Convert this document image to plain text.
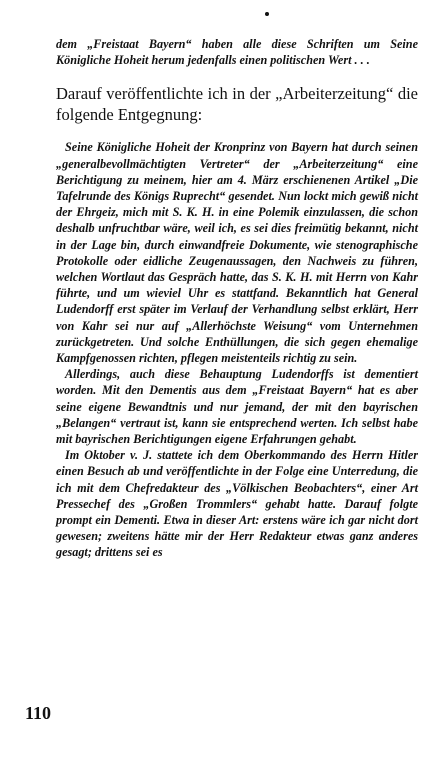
dem „Freistaat Bayern“ haben alle diese Schriften um Seine Königliche Hoheit herum jedenfalls einen politischen Wert . . .

Darauf veröffentlichte ich in der „Arbeiterzeitung“ die folgende Entgegnung:

Seine Königliche Hoheit der Kronprinz von Bayern hat durch seinen „generalbevollmächtigten Vertreter“ der „Arbeiterzeitung“ eine Berichtigung zu meinem, hier am 4. März erschienenen Artikel „Die Tafelrunde des Königs Ruprecht“ gesendet. Nun lockt mich gewiß nicht der Ehrgeiz, mich mit S. K. H. in eine Polemik einzulassen, die schon deshalb unfruchtbar wäre, weil ich, es sei dies freimütig bekannt, nicht in der Lage bin, durch einwandfreie Dokumente, wie stenographische Protokolle oder eidliche Zeugenaussagen, den Nachweis zu führen, welchen Wortlaut das Gespräch hatte, das S. K. H. mit Herrn von Kahr führte, und um wieviel Uhr es stattfand. Bekanntlich hat General Ludendorff erst später im Verlauf der Verhandlung selbst erklärt, Herr von Kahr sei nur auf „Allerhöchste Weisung“ vom Unternehmen zurückgetreten. Und solche Enthüllungen, die sich gegen ehemalige Kampfgenossen richten, pflegen meistenteils richtig zu sein.

Allerdings, auch diese Behauptung Ludendorffs ist dementiert worden. Mit den Dementis aus dem „Freistaat Bayern“ hat es aber seine eigene Bewandtnis und nur jemand, der mit den bayrischen „Belangen“ vertraut ist, kann sie entsprechend werten. Ich selbst habe mit bayrischen Berichtigungen eigene Erfahrungen gehabt.

Im Oktober v. J. stattete ich dem Oberkommando des Herrn Hitler einen Besuch ab und veröffentlichte in der Folge eine Unterredung, die ich mit dem Chefredakteur des „Völkischen Beobachters“, einer Art Pressechef des „Großen Trommlers“ gehabt hatte. Darauf folgte prompt ein Dementi. Etwa in dieser Art: erstens wäre ich gar nicht dort gewesen; zweitens hätte mir der Herr Redakteur etwas ganz anderes gesagt; drittens sei es

110
